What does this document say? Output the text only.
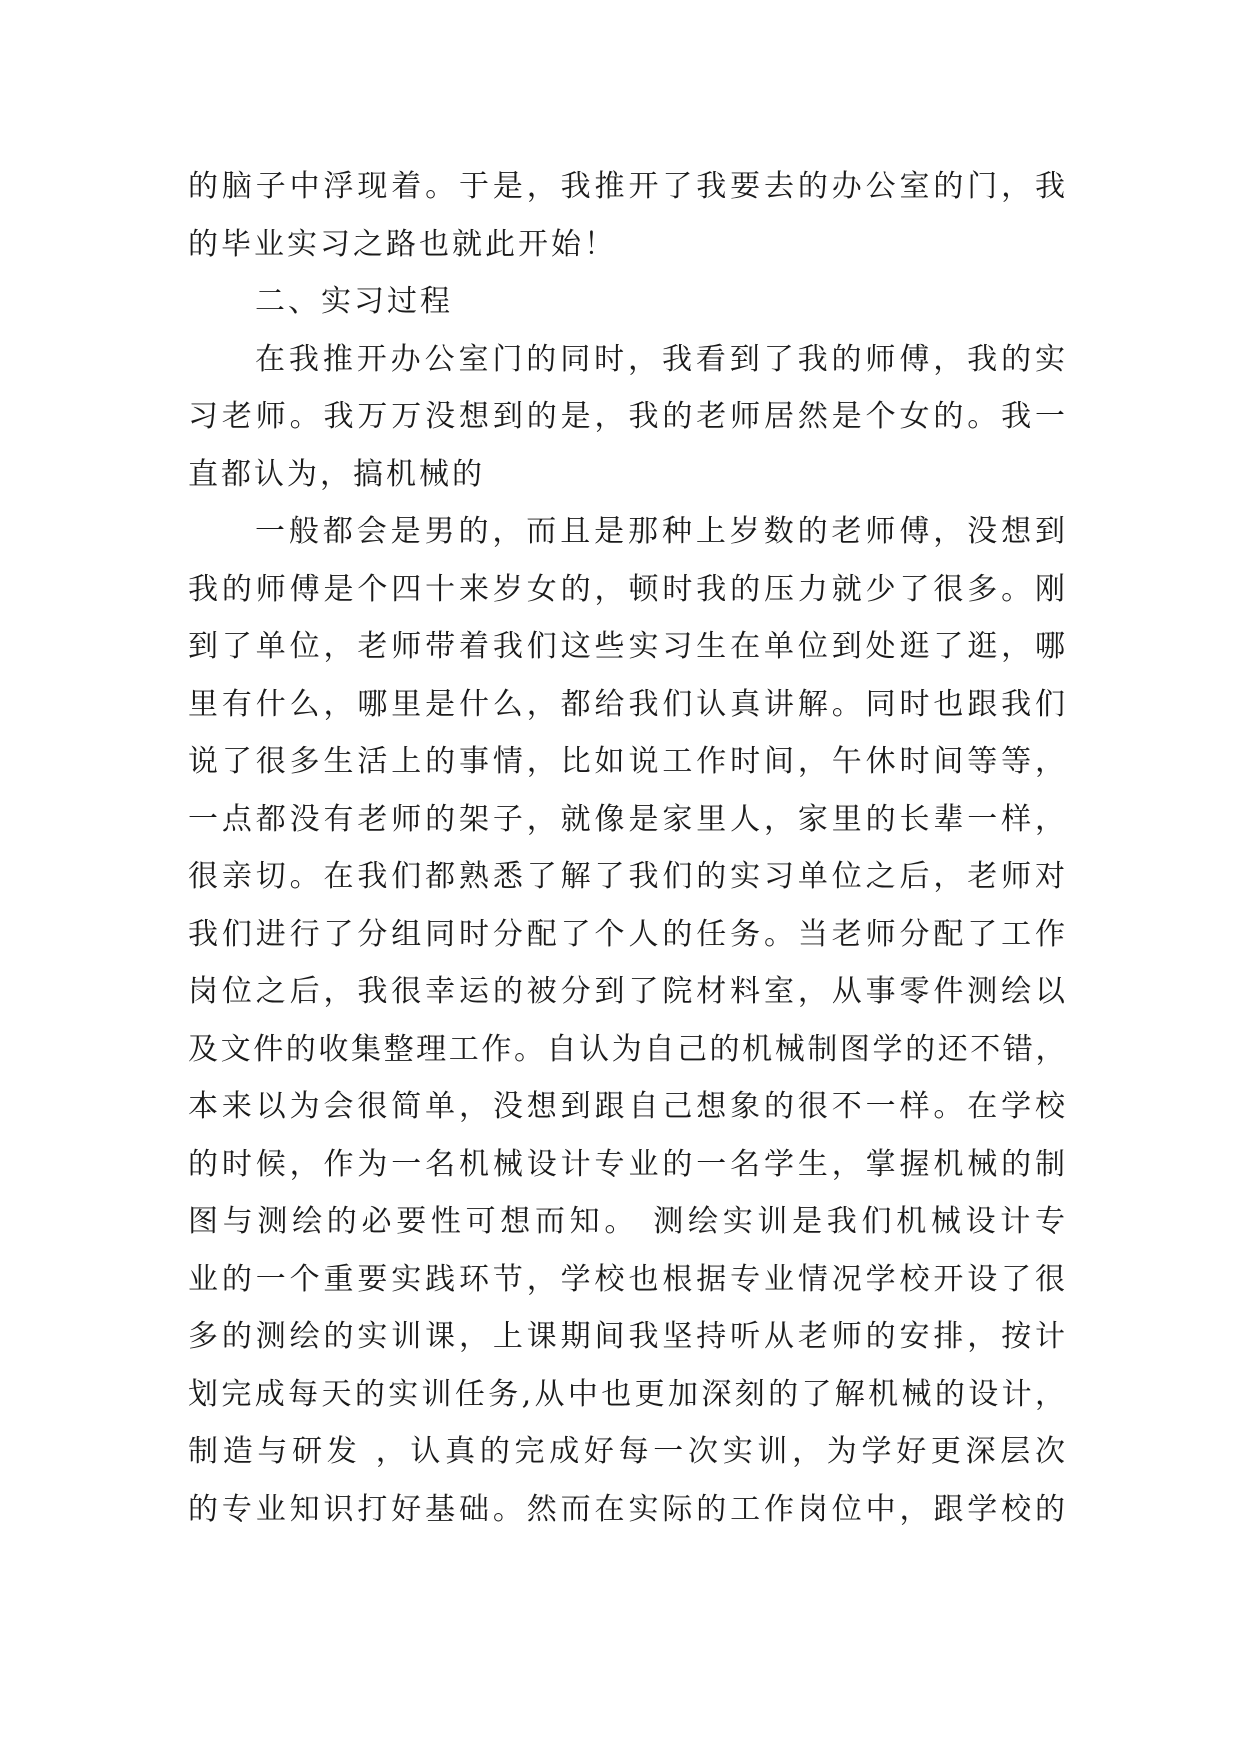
的脑子中浮现着。于是，我推开了我要去的办公室的门，我
的毕业实习之路也就此开始！
二、实习过程
在我推开办公室门的同时，我看到了我的师傅，我的实
习老师。我万万没想到的是，我的老师居然是个女的。我一
直都认为，搞机械的
一般都会是男的，而且是那种上岁数的老师傅，没想到
我的师傅是个四十来岁女的，顿时我的压力就少了很多。刚
到了单位，老师带着我们这些实习生在单位到处逛了逛，哪
里有什么，哪里是什么，都给我们认真讲解。同时也跟我们
说了很多生活上的事情，比如说工作时间，午休时间等等，
一点都没有老师的架子，就像是家里人，家里的长辈一样，
很亲切。在我们都熟悉了解了我们的实习单位之后，老师对
我们进行了分组同时分配了个人的任务。当老师分配了工作
岗位之后，我很幸运的被分到了院材料室，从事零件测绘以
及文件的收集整理工作。自认为自己的机械制图学的还不错，
本来以为会很简单，没想到跟自己想象的很不一样。在学校
的时候，作为一名机械设计专业的一名学生，掌握机械的制
图与测绘的必要性可想而知。 测绘实训是我们机械设计专
业的一个重要实践环节，学校也根据专业情况学校开设了很
多的测绘的实训课，上课期间我坚持听从老师的安排，按计
划完成每天的实训任务,从中也更加深刻的了解机械的设计，
制造与研发 ，认真的完成好每一次实训，为学好更深层次
的专业知识打好基础。然而在实际的工作岗位中，跟学校的
